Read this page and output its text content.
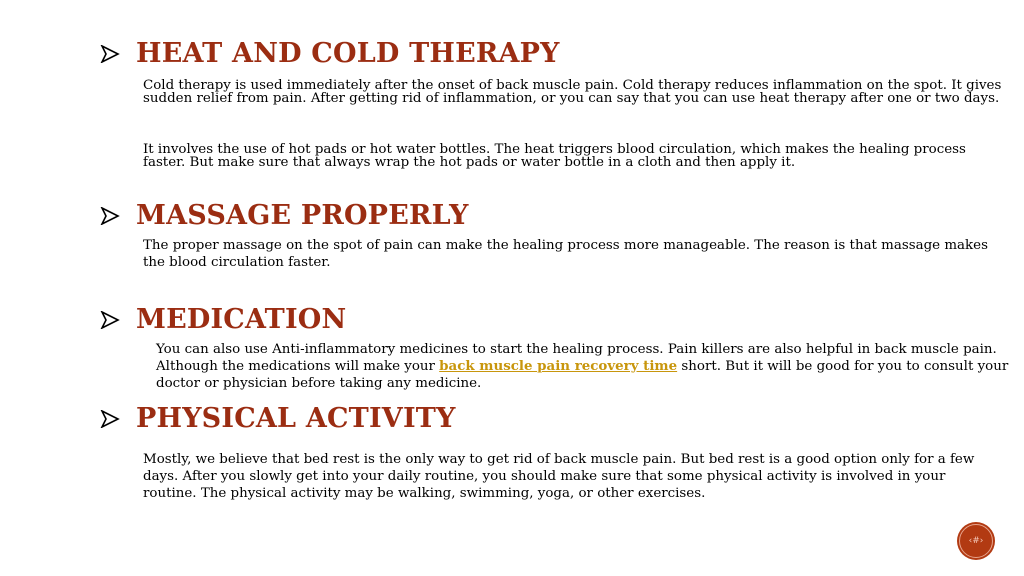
HEAT AND COLD THERAPY

Cold therapy is used immediately after the onset of back muscle pain. Cold therapy reduces inflammation on the spot. It gives sudden relief from pain. After getting rid of inflammation, or you can say that you can use heat therapy after one or two days.

It involves the use of hot pads or hot water bottles. The heat triggers blood circulation, which makes the healing process faster. But make sure that always wrap the hot pads or water bottle in a cloth and then apply it.

MASSAGE PROPERLY

The proper massage on the spot of pain can make the healing process more manageable. The reason is that massage makes the blood circulation faster.

MEDICATION

You can also use Anti-inflammatory medicines to start the healing process. Pain killers are also helpful in back muscle pain. Although the medications will make your back muscle pain recovery time short. But it will be good for you to consult your doctor or physician before taking any medicine.

PHYSICAL ACTIVITY

Mostly, we believe that bed rest is the only way to get rid of back muscle pain. But bed rest is a good option only for a few days. After you slowly get into your daily routine, you should make sure that some physical activity is involved in your routine. The physical activity may be walking, swimming, yoga, or other exercises.

‹#›
